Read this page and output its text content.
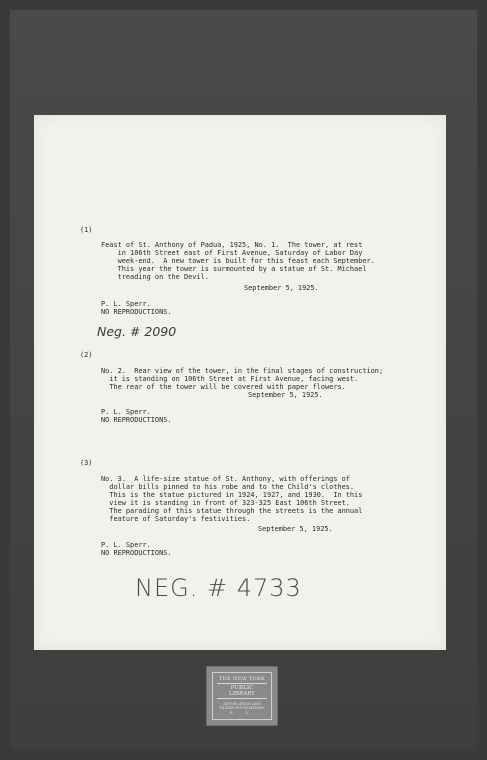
(1)

Feast of St. Anthony of Padua, 1925, No. 1.  The tower, at rest
in 106th Street east of First Avenue, Saturday of Labor Day
week-end.  A new tower is built for this feast each September.
This year the tower is surmounted by a statue of St. Michael
treading on the Devil.

September 5, 1925.

P. L. Sperr.

NO REPRODUCTIONS.

Neg. # 2090

(2)

No. 2.  Rear view of the tower, in the final stages of construction;
it is standing on 106th Street at First Avenue, facing west.
The rear of the tower will be covered with paper flowers.

September 5, 1925.

P. L. Sperr.

NO REPRODUCTIONS.

(3)

No. 3.  A life-size statue of St. Anthony, with offerings of
dollar bills pinned to his robe and to the Child's clothes.
This is the statue pictured in 1924, 1927, and 1930.  In this
view it is standing in front of 323-325 East 106th Street.
The parading of this statue through the streets is the annual
feature of Saturday's festivities.

September 5, 1925.

P. L. Sperr.

NO REPRODUCTIONS.

NEG. # 4733

THE NEW YORK
PUBLIC LIBRARY
ASTOR LENOX AND
TILDEN FOUNDATIONS
R L
